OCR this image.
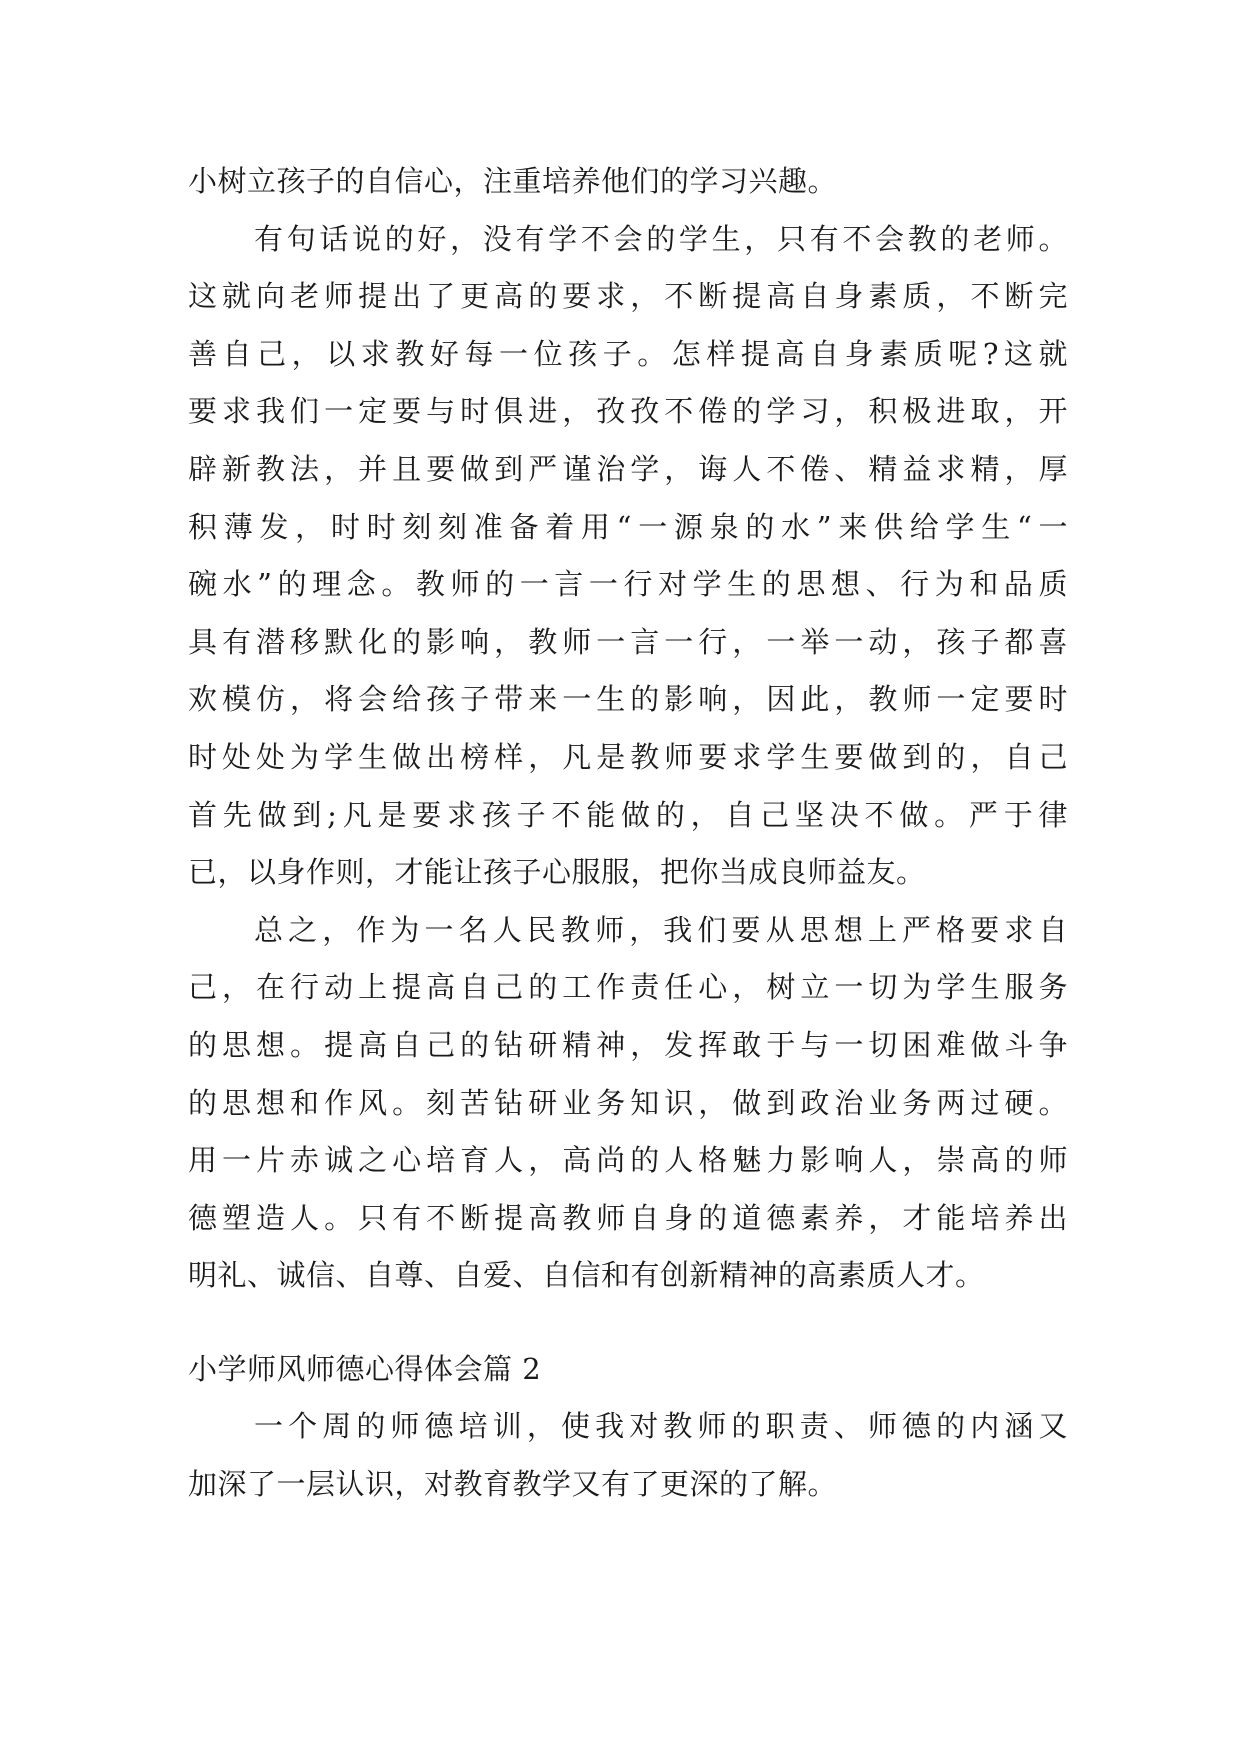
小树立孩子的自信心，注重培养他们的学习兴趣。
有句话说的好，没有学不会的学生，只有不会教的老师。
这就向老师提出了更高的要求，不断提高自身素质，不断完
善自己，以求教好每一位孩子。怎样提高自身素质呢?这就
要求我们一定要与时俱进，孜孜不倦的学习，积极进取，开
辟新教法，并且要做到严谨治学，诲人不倦、精益求精，厚
积薄发，时时刻刻准备着用“一源泉的水”来供给学生“一
碗水”的理念。教师的一言一行对学生的思想、行为和品质
具有潜移默化的影响，教师一言一行，一举一动，孩子都喜
欢模仿，将会给孩子带来一生的影响，因此，教师一定要时
时处处为学生做出榜样，凡是教师要求学生要做到的，自己
首先做到;凡是要求孩子不能做的，自己坚决不做。严于律
已，以身作则，才能让孩子心服服，把你当成良师益友。
总之，作为一名人民教师，我们要从思想上严格要求自
己，在行动上提高自己的工作责任心，树立一切为学生服务
的思想。提高自己的钻研精神，发挥敢于与一切困难做斗争
的思想和作风。刻苦钻研业务知识，做到政治业务两过硬。
用一片赤诚之心培育人，高尚的人格魅力影响人，崇高的师
德塑造人。只有不断提高教师自身的道德素养，才能培养出
明礼、诚信、自尊、自爱、自信和有创新精神的高素质人才。
小学师风师德心得体会篇 2
一个周的师德培训，使我对教师的职责、师德的内涵又
加深了一层认识，对教育教学又有了更深的了解。
